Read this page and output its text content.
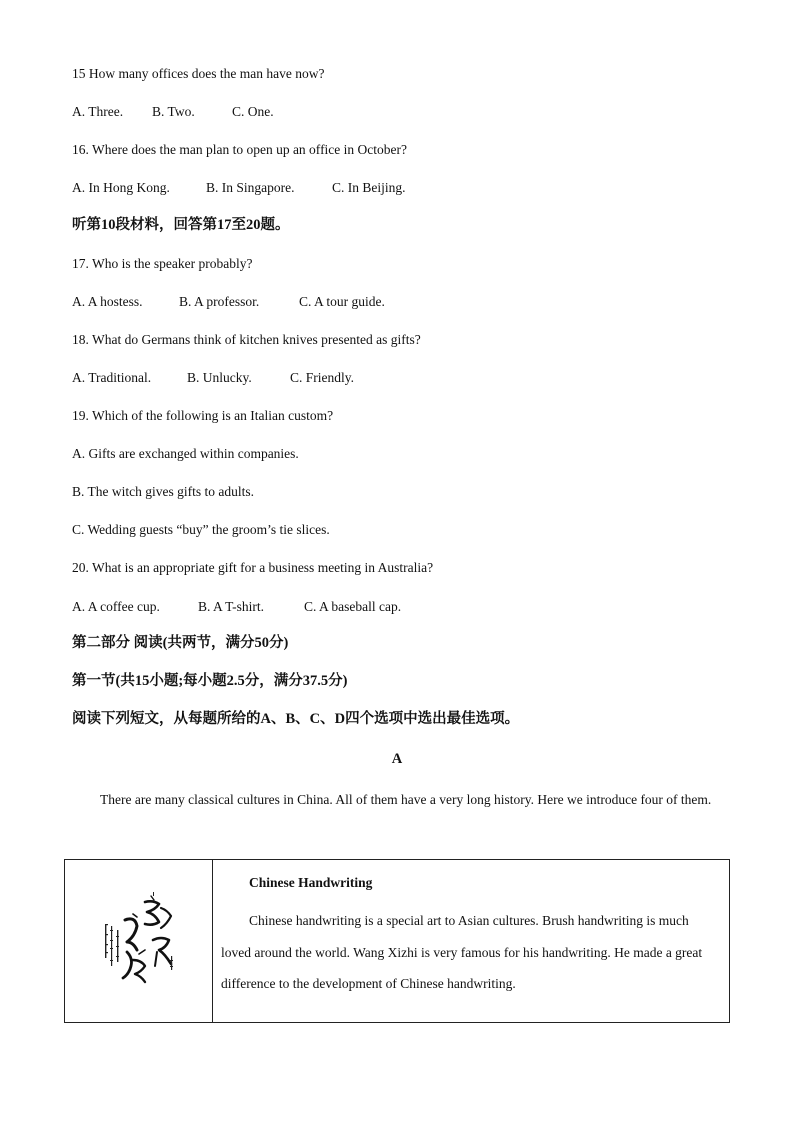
15 How many offices does the man have now?
A. Three. B. Two.	C. One.
16. Where does the man plan to open up an office in October?
A. In Hong Kong.	B. In Singapore.	C. In Beijing.
听第10段材料，回答第17至20题。
17. Who is the speaker probably?
A. A hostess.	B. A professor.	C. A tour guide.
18. What do Germans think of kitchen knives presented as gifts?
A. Traditional.	B. Unlucky.	C. Friendly.
19. Which of the following is an Italian custom?
A. Gifts are exchanged within companies.
B. The witch gives gifts to adults.
C. Wedding guests “buy” the groom’s tie slices.
20. What is an appropriate gift for a business meeting in Australia?
A. A coffee cup.	B. A T-shirt.	C. A baseball cap.
第二部分 阅读(共两节，满分50分)
第一节(共15小题;每小题2.5分，满分37.5分)
阅读下列短文，从每题所给的A、B、C、D四个选项中选出最佳选项。
A
There are many classical cultures in China. All of them have a very long history. Here we introduce four of them.

Chinese Handwriting
Chinese handwriting is a special art to Asian cultures. Brush handwriting is much loved around the world. Wang Xizhi is very famous for his handwriting. He made a great difference to the development of Chinese handwriting.
